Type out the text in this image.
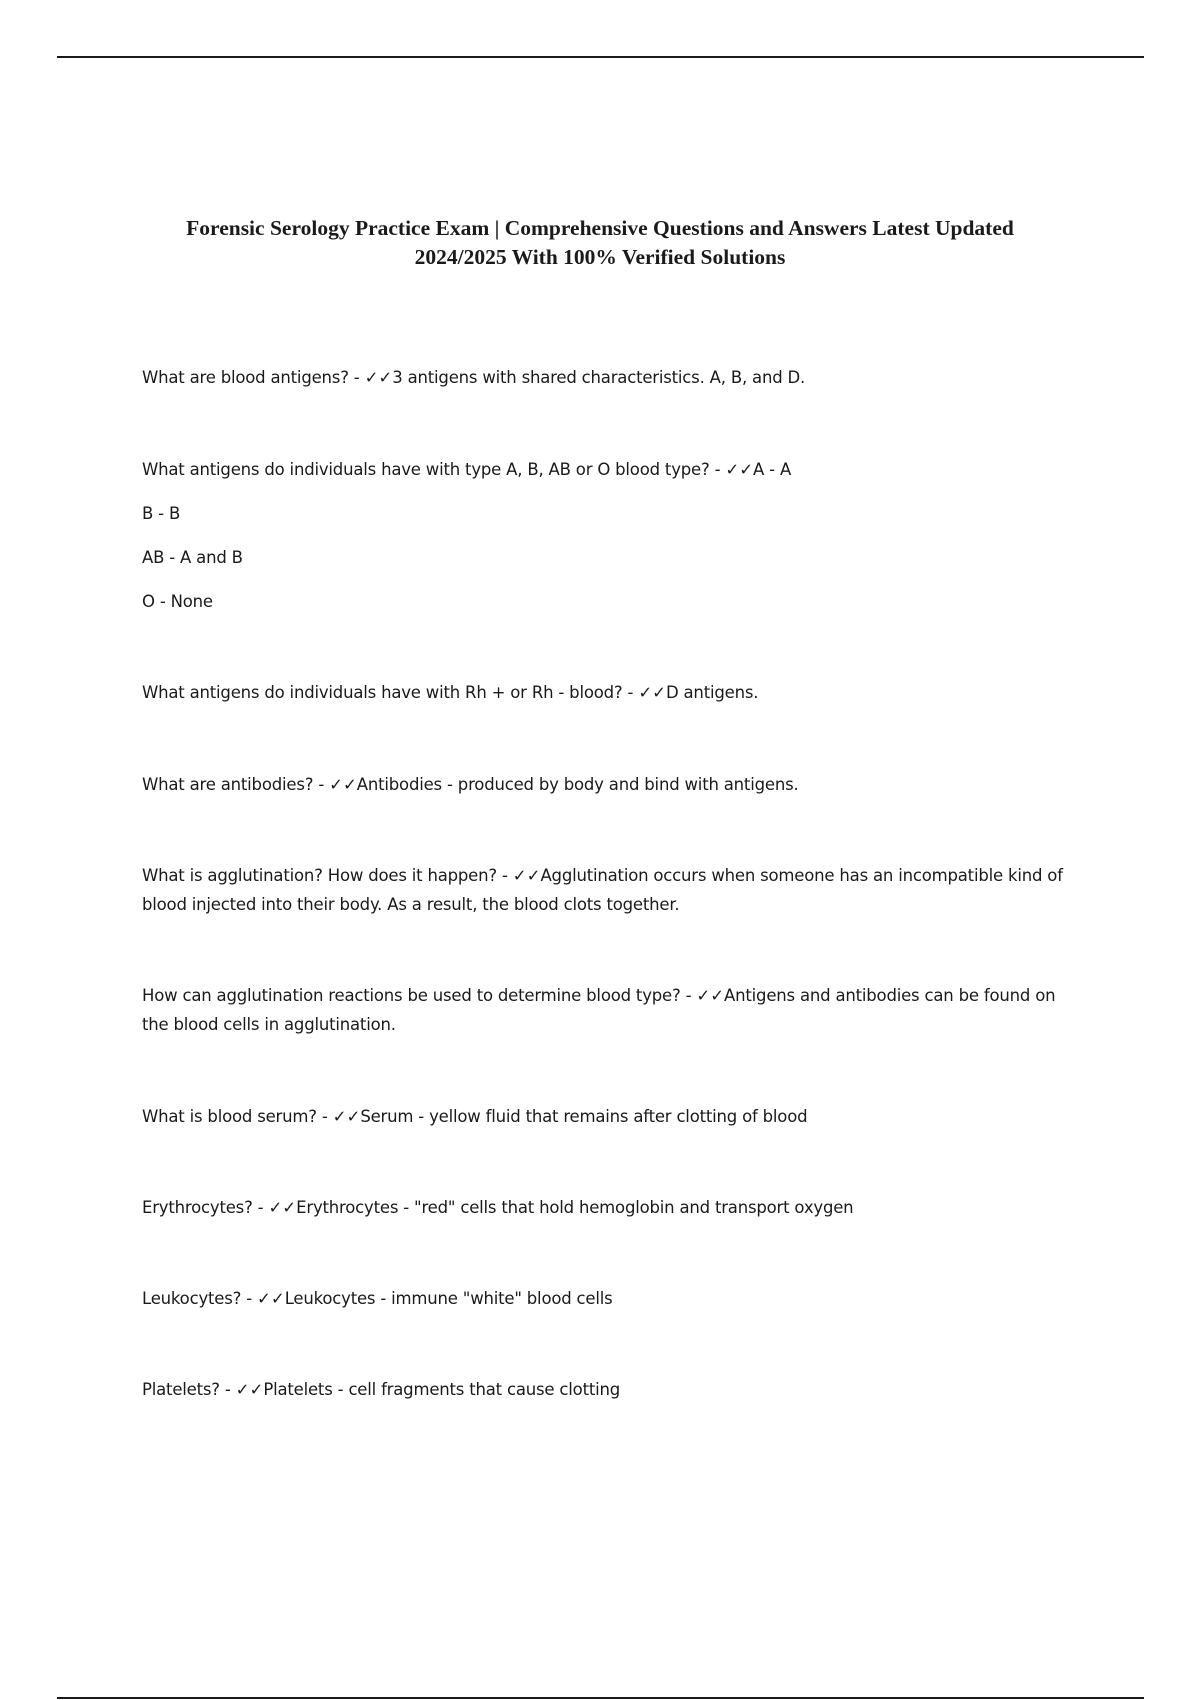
Forensic Serology Practice Exam | Comprehensive Questions and Answers Latest Updated
2024/2025 With 100% Verified Solutions

What are blood antigens? - ✓✓3 antigens with shared characteristics. A, B, and D.

What antigens do individuals have with type A, B, AB or O blood type? - ✓✓A - A

B - B

AB - A and B

O - None

What antigens do individuals have with Rh + or Rh - blood? - ✓✓D antigens.

What are antibodies? - ✓✓Antibodies - produced by body and bind with antigens.

What is agglutination? How does it happen? - ✓✓Agglutination occurs when someone has an incompatible kind of blood injected into their body. As a result, the blood clots together.

How can agglutination reactions be used to determine blood type? - ✓✓Antigens and antibodies can be found on the blood cells in agglutination.

What is blood serum? - ✓✓Serum - yellow fluid that remains after clotting of blood

Erythrocytes? - ✓✓Erythrocytes - "red" cells that hold hemoglobin and transport oxygen

Leukocytes? - ✓✓Leukocytes - immune "white" blood cells

Platelets? - ✓✓Platelets - cell fragments that cause clotting
